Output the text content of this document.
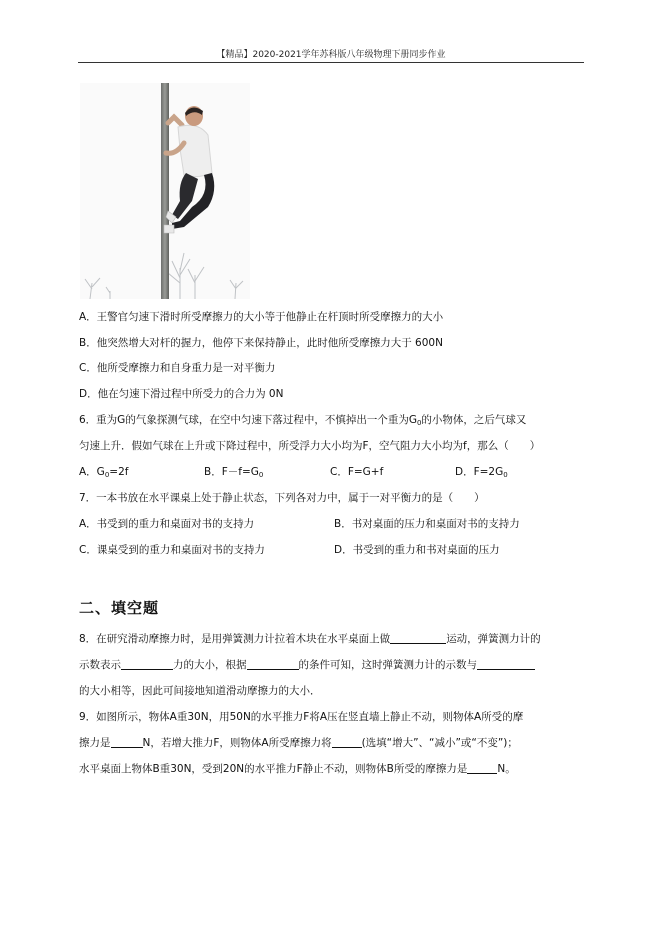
【精品】2020-2021学年苏科版八年级物理下册同步作业
A．王警官匀速下滑时所受摩擦力的大小等于他静止在杆顶时所受摩擦力的大小
B．他突然增大对杆的握力，他停下来保持静止，此时他所受摩擦力大于 600N
C．他所受摩擦力和自身重力是一对平衡力
D．他在匀速下滑过程中所受力的合力为 0N
6．重为G的气象探测气球，在空中匀速下落过程中，不慎掉出一个重为$G_0$的小物体，之后气球又
匀速上升．假如气球在上升或下降过程中，所受浮力大小均为F，空气阻力大小均为f，那么（　　）
A．$G_0=2f$	B．$F-f=G_0$	C．F=G+f	D．$F=2G_0$
7．一本书放在水平课桌上处于静止状态，下列各对力中，属于一对平衡力的是（　　）
A．书受到的重力和桌面对书的支持力	B．书对桌面的压力和桌面对书的支持力
C．课桌受到的重力和桌面对书的支持力	D．书受到的重力和书对桌面的压力
二、填空题
8．在研究滑动摩擦力时，是用弹簧测力计拉着木块在水平桌面上做	运动，弹簧测力计的
示数表示	力的大小，根据	的条件可知，这时弹簧测力计的示数与
的大小相等，因此可间接地知道滑动摩擦力的大小．
9．如图所示，物体A重30N，用50N的水平推力F将A压在竖直墙上静止不动，则物体A所受的摩
擦力是	N，若增大推力F，则物体A所受摩擦力将	(选填“增大”、“减小”或“不变”)；
水平桌面上物体B重30N，受到20N的水平推力F静止不动，则物体B所受的摩擦力是	N。
